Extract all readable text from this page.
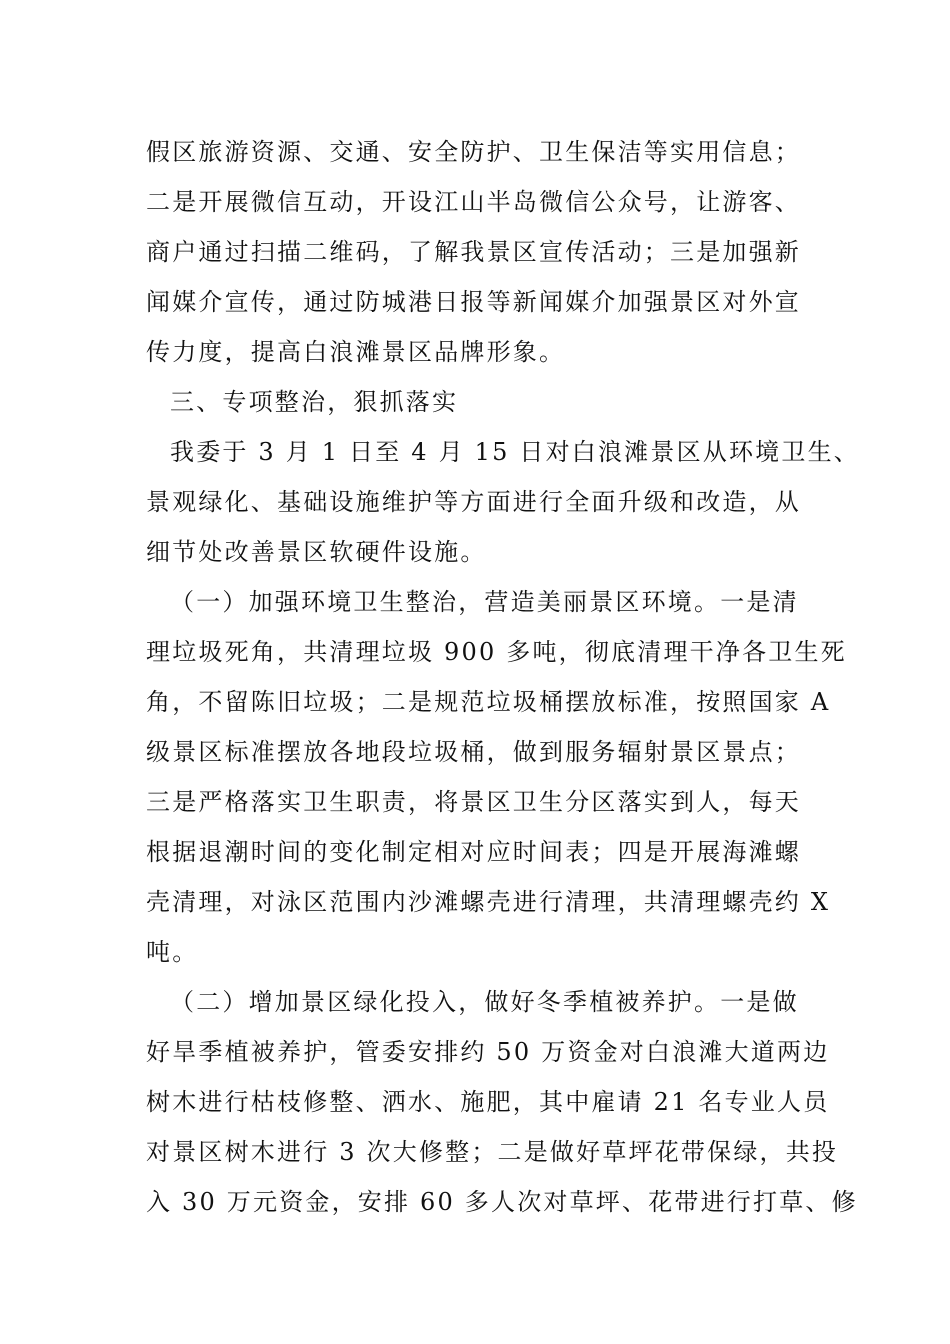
假区旅游资源、交通、安全防护、卫生保洁等实用信息；
二是开展微信互动，开设江山半岛微信公众号，让游客、
商户通过扫描二维码，了解我景区宣传活动；三是加强新
闻媒介宣传，通过防城港日报等新闻媒介加强景区对外宣
传力度，提高白浪滩景区品牌形象。
三、专项整治，狠抓落实
我委于 3 月 1 日至 4 月 15 日对白浪滩景区从环境卫生、
景观绿化、基础设施维护等方面进行全面升级和改造，从
细节处改善景区软硬件设施。
（一）加强环境卫生整治，营造美丽景区环境。一是清
理垃圾死角，共清理垃圾 900 多吨，彻底清理干净各卫生死
角，不留陈旧垃圾；二是规范垃圾桶摆放标准，按照国家 A
级景区标准摆放各地段垃圾桶，做到服务辐射景区景点；
三是严格落实卫生职责，将景区卫生分区落实到人，每天
根据退潮时间的变化制定相对应时间表；四是开展海滩螺
壳清理，对泳区范围内沙滩螺壳进行清理，共清理螺壳约 X
吨。
（二）增加景区绿化投入，做好冬季植被养护。一是做
好旱季植被养护，管委安排约 50 万资金对白浪滩大道两边
树木进行枯枝修整、洒水、施肥，其中雇请 21 名专业人员
对景区树木进行 3 次大修整；二是做好草坪花带保绿，共投
入 30 万元资金，安排 60 多人次对草坪、花带进行打草、修
